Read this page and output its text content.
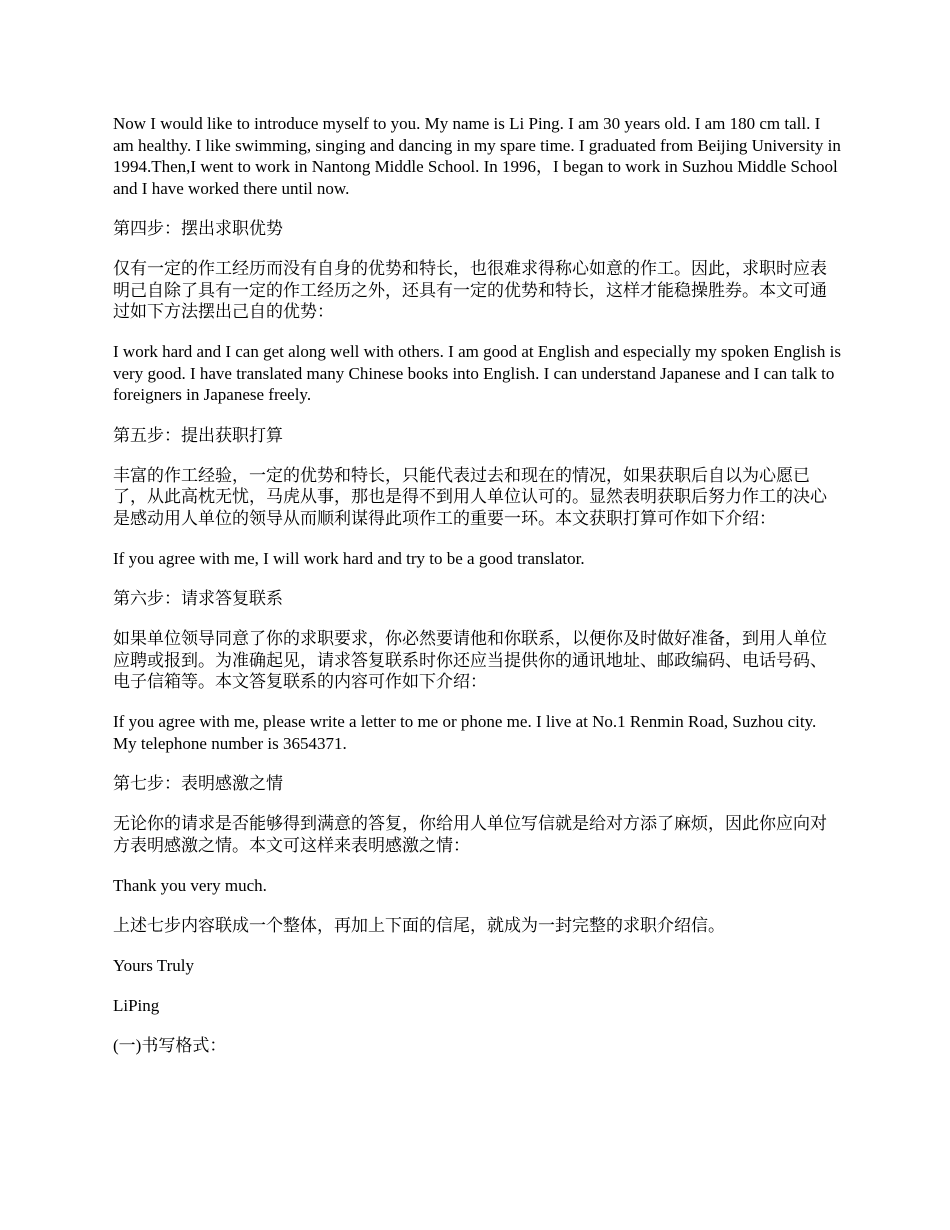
Now I would like to introduce myself to you. My name is Li Ping. I am 30 years old. I am 180 cm tall. I am healthy. I like swimming, singing and dancing in my spare time. I graduated from Beijing University in 1994.Then,I went to work in Nantong Middle School. In 1996，I began to work in Suzhou Middle School and I have worked there until now.

第四步：摆出求职优势

仅有一定的作工经历而没有自身的优势和特长，也很难求得称心如意的作工。因此，求职时应表明己自除了具有一定的作工经历之外，还具有一定的优势和特长，这样才能稳操胜券。本文可通过如下方法摆出己自的优势：

I work hard and I can get along well with others. I am good at English and especially my spoken English is very good. I have translated many Chinese books into English. I can understand Japanese and I can talk to foreigners in Japanese freely.

第五步：提出获职打算

丰富的作工经验，一定的优势和特长，只能代表过去和现在的情况，如果获职后自以为心愿已了，从此高枕无忧，马虎从事，那也是得不到用人单位认可的。显然表明获职后努力作工的决心是感动用人单位的领导从而顺利谋得此项作工的重要一环。本文获职打算可作如下介绍：

If you agree with me, I will work hard and try to be a good translator.

第六步：请求答复联系

如果单位领导同意了你的求职要求，你必然要请他和你联系，以便你及时做好准备，到用人单位应聘或报到。为准确起见，请求答复联系时你还应当提供你的通讯地址、邮政编码、电话号码、电子信箱等。本文答复联系的内容可作如下介绍：

If you agree with me, please write a letter to me or phone me. I live at No.1 Renmin Road, Suzhou city. My telephone number is 3654371.

第七步：表明感激之情

无论你的请求是否能够得到满意的答复，你给用人单位写信就是给对方添了麻烦，因此你应向对方表明感激之情。本文可这样来表明感激之情：

Thank you very much.

上述七步内容联成一个整体，再加上下面的信尾，就成为一封完整的求职介绍信。

Yours Truly

LiPing

(一)书写格式：
